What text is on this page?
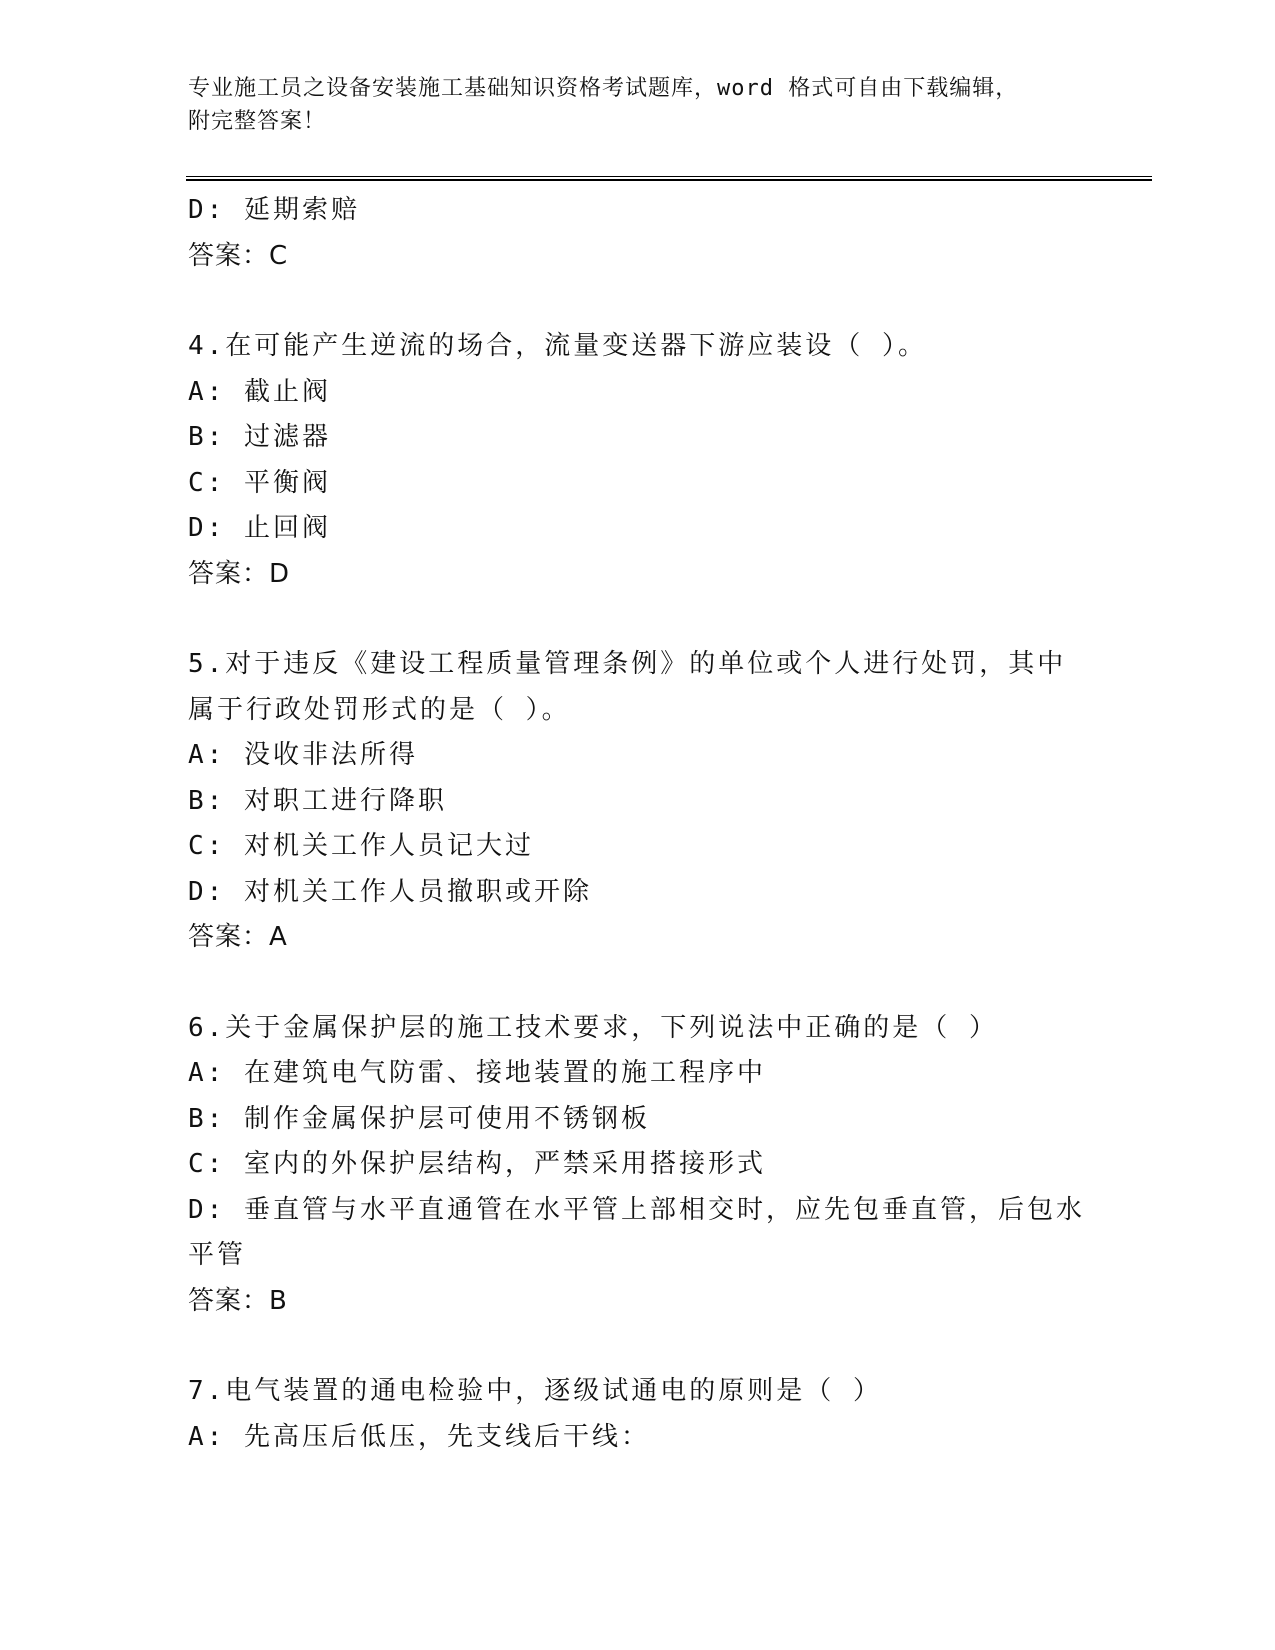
专业施工员之设备安装施工基础知识资格考试题库，word 格式可自由下载编辑，
附完整答案！
D: 延期索赔
答案：C
4.在可能产生逆流的场合，流量变送器下游应装设（ ）。
A: 截止阀
B: 过滤器
C: 平衡阀
D: 止回阀
答案：D
5.对于违反《建设工程质量管理条例》的单位或个人进行处罚，其中
属于行政处罚形式的是（ ）。
A: 没收非法所得
B: 对职工进行降职
C: 对机关工作人员记大过
D: 对机关工作人员撤职或开除
答案：A
6.关于金属保护层的施工技术要求，下列说法中正确的是（ ）
A: 在建筑电气防雷、接地装置的施工程序中
B: 制作金属保护层可使用不锈钢板
C: 室内的外保护层结构，严禁采用搭接形式
D: 垂直管与水平直通管在水平管上部相交时，应先包垂直管，后包水
平管
答案：B
7.电气装置的通电检验中，逐级试通电的原则是（ ）
A: 先高压后低压，先支线后干线：
